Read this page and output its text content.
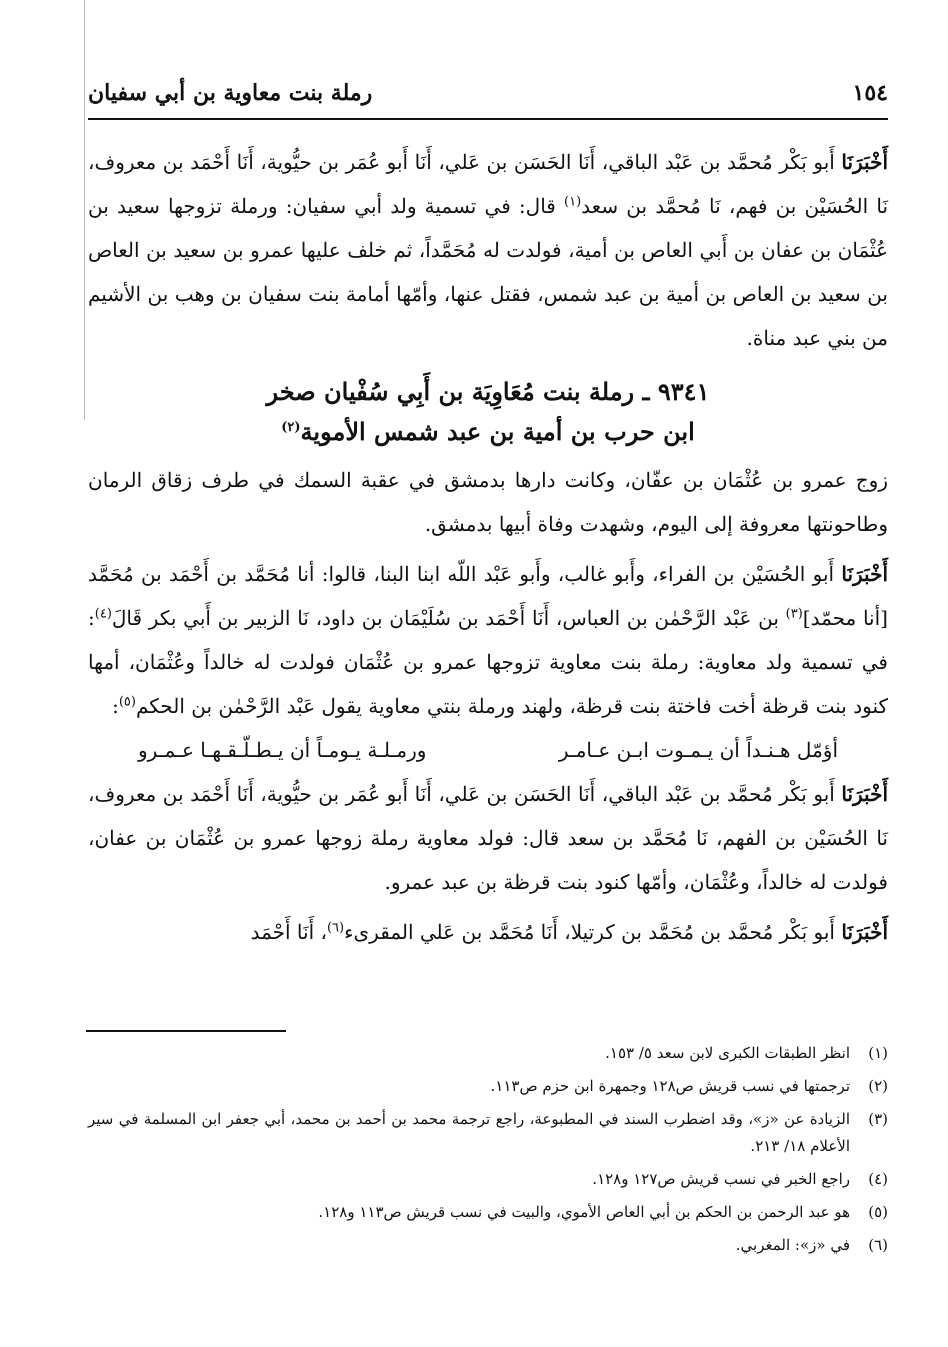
١٥٤
رملة بنت معاوية بن أبي سفيان

أَخْبَرَنَا أَبو بَكْر مُحمَّد بن عَبْد الباقي، أَنَا الحَسَن بن عَلي، أَنَا أَبو عُمَر بن حيُّوية، أَنَا أَحْمَد بن معروف، نَا الحُسَيْن بن فهم، نَا مُحمَّد بن سعد$^{(١)}$ قال: في تسمية ولد أبي سفيان: ورملة تزوجها سعيد بن عُثْمَان بن عفان بن أَبي العاص بن أمية، فولدت له مُحَمَّداً، ثم خلف عليها عمرو بن سعيد بن العاص بن سعيد بن العاص بن أمية بن عبد شمس، فقتل عنها، وأمّها أمامة بنت سفيان بن وهب بن الأشيم من بني عبد مناة.

٩٣٤١ ـ رملة بنت مُعَاوِيَة بن أَبِي سُفْيان صخر
ابن حرب بن أمية بن عبد شمس الأموية$^{(٢)}$

زوج عمرو بن عُثْمَان بن عفّان، وكانت دارها بدمشق في عقبة السمك في طرف زقاق الرمان وطاحونتها معروفة إلى اليوم، وشهدت وفاة أبيها بدمشق.

أَخْبَرَنَا أَبو الحُسَيْن بن الفراء، وأَبو غالب، وأَبو عَبْد اللّه ابنا البنا، قالوا: أنا مُحَمَّد بن أَحْمَد بن مُحَمَّد [أنا محمّد]$^{(٣)}$ بن عَبْد الرَّحْمٰن بن العباس، أَنَا أَحْمَد بن سُلَيْمَان بن داود، نَا الزبير بن أَبي بكر قَالَ$^{(٤)}$: في تسمية ولد معاوية: رملة بنت معاوية تزوجها عمرو بن عُثْمَان فولدت له خالداً وعُثْمَان، أمها كنود بنت قرظة أخت فاختة بنت قرظة، ولهند ورملة بنتي معاوية يقول عَبْد الرَّحْمٰن بن الحكم$^{(٥)}$:

أؤمّل هـنـداً أن يـمـوت ابـن عـامـر
ورمـلـة يـومـاً أن يـطـلّـقـهـا عـمـرو

أَخْبَرَنَا أَبو بَكْر مُحمَّد بن عَبْد الباقي، أَنَا الحَسَن بن عَلي، أَنَا أَبو عُمَر بن حيُّوية، أَنَا أَحْمَد بن معروف، نَا الحُسَيْن بن الفهم، نَا مُحَمَّد بن سعد قال: فولد معاوية رملة زوجها عمرو بن عُثْمَان بن عفان، فولدت له خالداً، وعُثْمَان، وأمّها كنود بنت قرظة بن عبد عمرو.

أَخْبَرَنَا أَبو بَكْر مُحمَّد بن مُحَمَّد بن كرتيلا، أَنَا مُحَمَّد بن عَلي المقرىء$^{(٦)}$، أَنَا أَحْمَد

(١)
انظر الطبقات الكبرى لابن سعد ٥/ ١٥٣.
(٢)
ترجمتها في نسب قريش ص١٢٨ وجمهرة ابن حزم ص١١٣.
(٣)
الزيادة عن «ز»، وقد اضطرب السند في المطبوعة، راجع ترجمة محمد بن أحمد بن محمد، أبي جعفر ابن المسلمة في سير الأعلام ١٨/ ٢١٣.
(٤)
راجع الخبر في نسب قريش ص١٢٧ و١٢٨.
(٥)
هو عبد الرحمن بن الحكم بن أبي العاص الأموي، والبيت في نسب قريش ص١١٣ و١٢٨.
(٦)
في «ز»: المغربي.
